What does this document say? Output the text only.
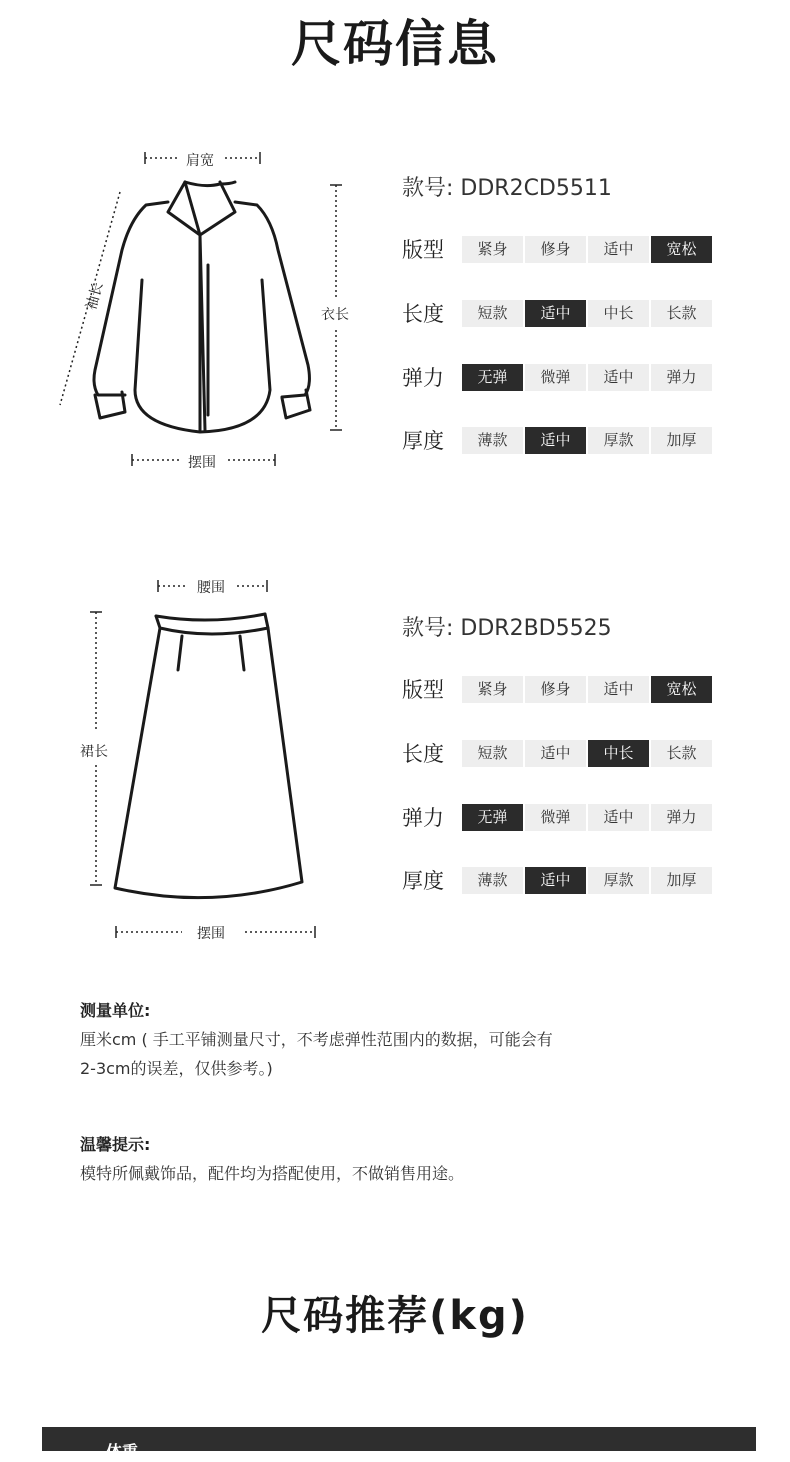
尺码信息
肩宽
袖长
衣长
摆围
款号: DDR2CD5511
版型	紧身	修身	适中	宽松
长度	短款	适中	中长	长款
弹力	无弹	微弹	适中	弹力
厚度	薄款	适中	厚款	加厚
腰围
裙长
摆围
款号: DDR2BD5525
版型	紧身	修身	适中	宽松
长度	短款	适中	中长	长款
弹力	无弹	微弹	适中	弹力
厚度	薄款	适中	厚款	加厚
测量单位:
厘米cm ( 手工平铺测量尺寸，不考虑弹性范围内的数据，可能会有
2-3cm的误差，仅供参考。)
温馨提示:
模特所佩戴饰品，配件均为搭配使用，不做销售用途。
尺码推荐(kg)
体重
